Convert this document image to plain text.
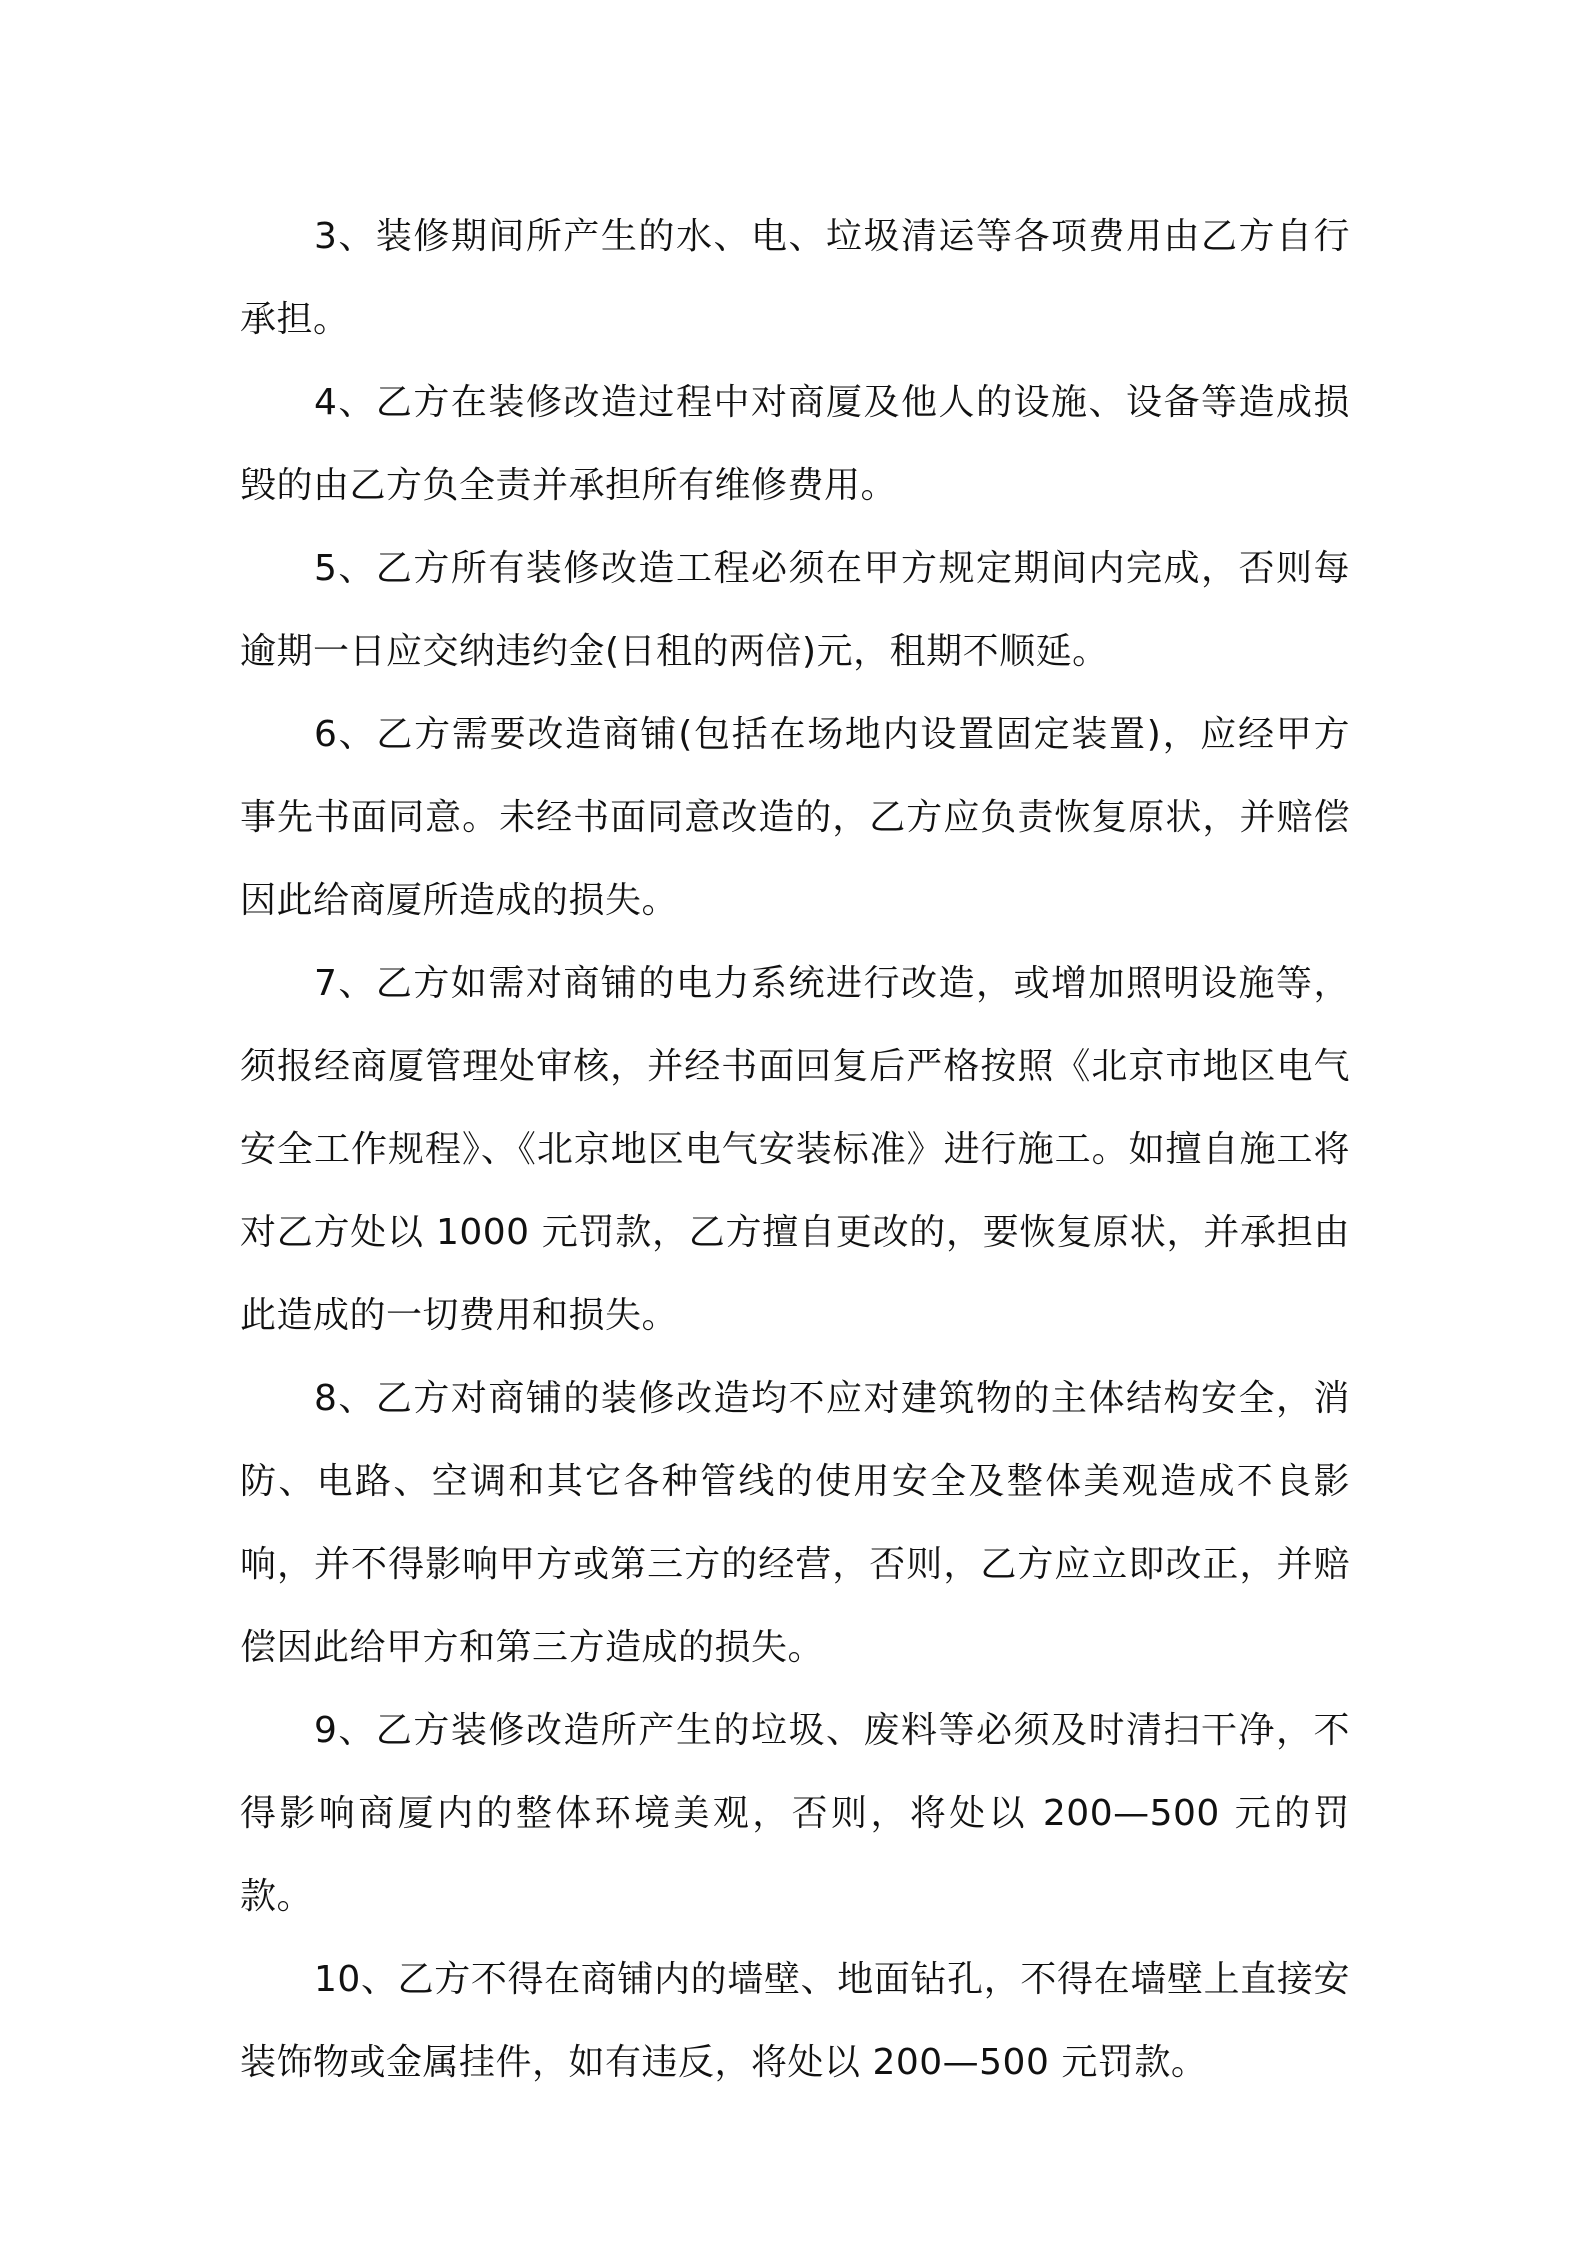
3、装修期间所产生的水、电、垃圾清运等各项费用由乙方自行承担。

4、乙方在装修改造过程中对商厦及他人的设施、设备等造成损毁的由乙方负全责并承担所有维修费用。

5、乙方所有装修改造工程必须在甲方规定期间内完成，否则每逾期一日应交纳违约金(日租的两倍)元，租期不顺延。

6、乙方需要改造商铺(包括在场地内设置固定装置)，应经甲方事先书面同意。未经书面同意改造的，乙方应负责恢复原状，并赔偿因此给商厦所造成的损失。

7、乙方如需对商铺的电力系统进行改造，或增加照明设施等，须报经商厦管理处审核，并经书面回复后严格按照《北京市地区电气安全工作规程》、《北京地区电气安装标准》进行施工。如擅自施工将对乙方处以 1000 元罚款，乙方擅自更改的，要恢复原状，并承担由此造成的一切费用和损失。

8、乙方对商铺的装修改造均不应对建筑物的主体结构安全，消防、电路、空调和其它各种管线的使用安全及整体美观造成不良影响，并不得影响甲方或第三方的经营，否则，乙方应立即改正，并赔偿因此给甲方和第三方造成的损失。

9、乙方装修改造所产生的垃圾、废料等必须及时清扫干净，不得影响商厦内的整体环境美观，否则，将处以 200—500 元的罚款。

10、乙方不得在商铺内的墙壁、地面钻孔，不得在墙壁上直接安装饰物或金属挂件，如有违反，将处以 200—500 元罚款。
